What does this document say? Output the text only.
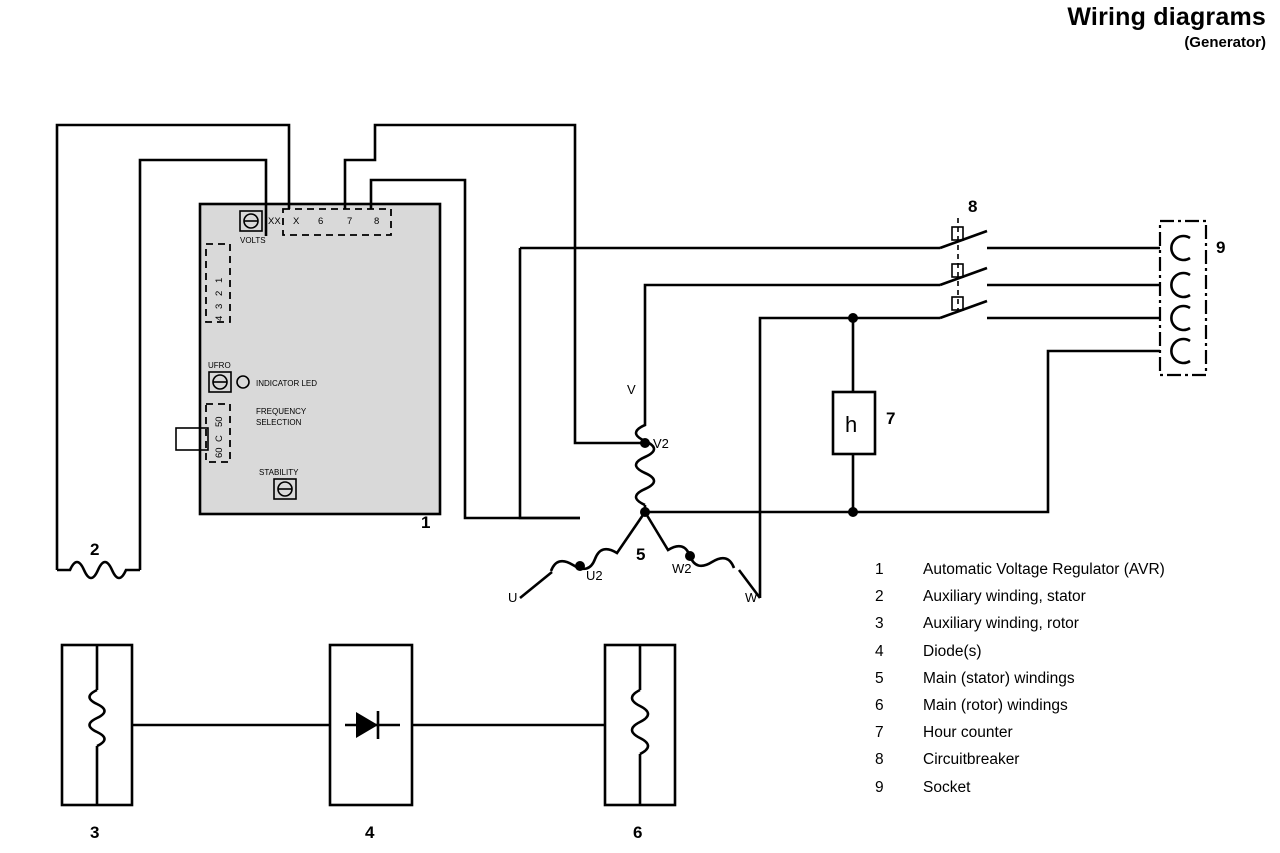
Wiring diagrams
(Generator)
VOLTS
XX X 6 7 8
1
2
3
4
UFRO
INDICATOR LED
50
C
60
FREQUENCY
SELECTION
STABILITY
1
2
V
V2
U
U2
W
W2
5
h 7
8
9
3	4	6
1	Automatic Voltage Regulator (AVR)
2	Auxiliary winding, stator
3	Auxiliary winding, rotor
4	Diode(s)
5	Main (stator) windings
6	Main (rotor) windings
7	Hour counter
8	Circuitbreaker
9	Socket
